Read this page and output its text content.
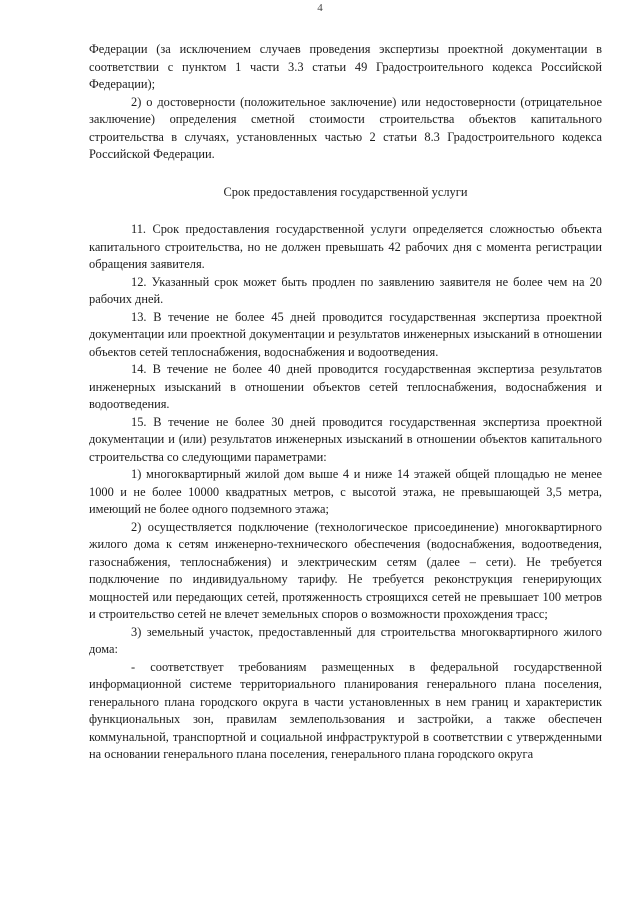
4

Федерации (за исключением случаев проведения экспертизы проектной документации в соответствии с пунктом 1 части 3.3 статьи 49 Градостроительного кодекса Российской Федерации);

2) о достоверности (положительное заключение) или недостоверности (отрицательное заключение) определения сметной стоимости строительства объектов капитального строительства в случаях, установленных частью 2 статьи 8.3 Градостроительного кодекса Российской Федерации.

Срок предоставления государственной услуги

11. Срок предоставления государственной услуги определяется сложностью объекта капитального строительства, но не должен превышать 42 рабочих дня с момента регистрации обращения заявителя.

12. Указанный срок может быть продлен по заявлению заявителя не более чем на 20 рабочих дней.

13. В течение не более 45 дней проводится государственная экспертиза проектной документации или проектной документации и результатов инженерных изысканий в отношении объектов сетей теплоснабжения, водоснабжения и водоотведения.

14. В течение не более 40 дней проводится государственная экспертиза результатов инженерных изысканий в отношении объектов сетей теплоснабжения, водоснабжения и водоотведения.

15. В течение не более 30 дней проводится государственная экспертиза проектной документации и (или) результатов инженерных изысканий в отношении объектов капитального строительства со следующими параметрами:

1) многоквартирный жилой дом выше 4 и ниже 14 этажей общей площадью не менее 1000 и не более 10000 квадратных метров, с высотой этажа, не превышающей 3,5 метра, имеющий не более одного подземного этажа;

2) осуществляется подключение (технологическое присоединение) многоквартирного жилого дома к сетям инженерно-технического обеспечения (водоснабжения, водоотведения, газоснабжения, теплоснабжения) и электрическим сетям (далее – сети). Не требуется подключение по индивидуальному тарифу. Не требуется реконструкция генерирующих мощностей или передающих сетей, протяженность строящихся сетей не превышает 100 метров и строительство сетей не влечет земельных споров о возможности прохождения трасс;

3) земельный участок, предоставленный для строительства многоквартирного жилого дома:

- соответствует требованиям размещенных в федеральной государственной информационной системе территориального планирования генерального плана поселения, генерального плана городского округа в части установленных в нем границ и характеристик функциональных зон, правилам землепользования и застройки, а также обеспечен коммунальной, транспортной и социальной инфраструктурой в соответствии с утвержденными на основании генерального плана поселения, генерального плана городского округа
